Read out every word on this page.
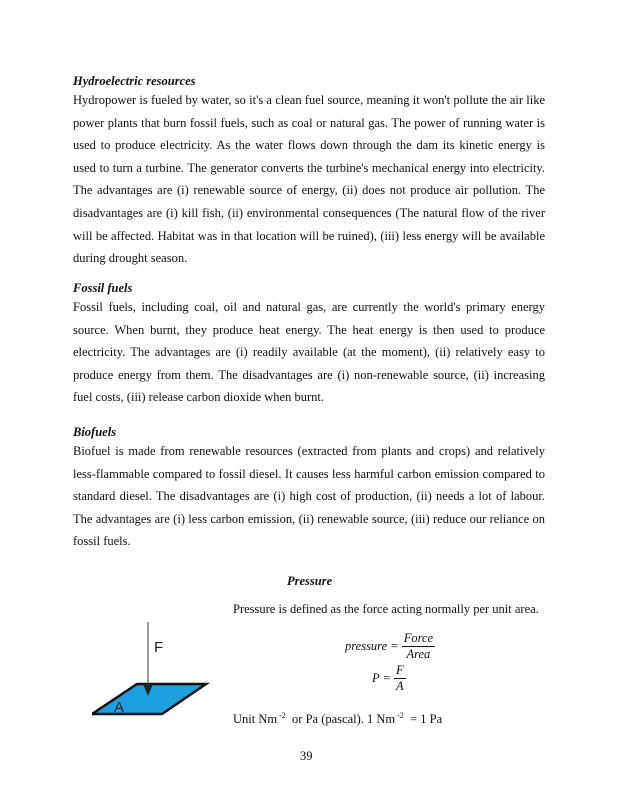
Hydroelectric resources

Hydropower is fueled by water, so it's a clean fuel source, meaning it won't pollute the air like power plants that burn fossil fuels, such as coal or natural gas. The power of running water is used to produce electricity. As the water flows down through the dam its kinetic energy is used to turn a turbine. The generator converts the turbine's mechanical energy into electricity. The advantages are (i) renewable source of energy, (ii) does not produce air pollution. The disadvantages are (i) kill fish, (ii) environmental consequences (The natural flow of the river will be affected. Habitat was in that location will be ruined), (iii) less energy will be available during drought season.

Fossil fuels

Fossil fuels, including coal, oil and natural gas, are currently the world's primary energy source. When burnt, they produce heat energy. The heat energy is then used to produce electricity. The advantages are (i) readily available (at the moment), (ii) relatively easy to produce energy from them. The disadvantages are (i) non-renewable source, (ii) increasing fuel costs, (iii) release carbon dioxide when burnt.

Biofuels

Biofuel is made from renewable resources (extracted from plants and crops) and relatively less-flammable compared to fossil diesel. It causes less harmful carbon emission compared to standard diesel. The disadvantages are (i) high cost of production, (ii) needs a lot of labour. The advantages are (i) less carbon emission, (ii) renewable source, (iii) reduce our reliance on fossil fuels.

Pressure
Pressure is defined as the force acting normally per unit area.
pressure = $\frac{\text{Force}}{\text{Area}}$
$P = \frac{F}{A}$
Unit Nm $^{-2}$  or Pa (pascal). 1 Nm $^{-2}$  = 1 Pa
F
A
39
